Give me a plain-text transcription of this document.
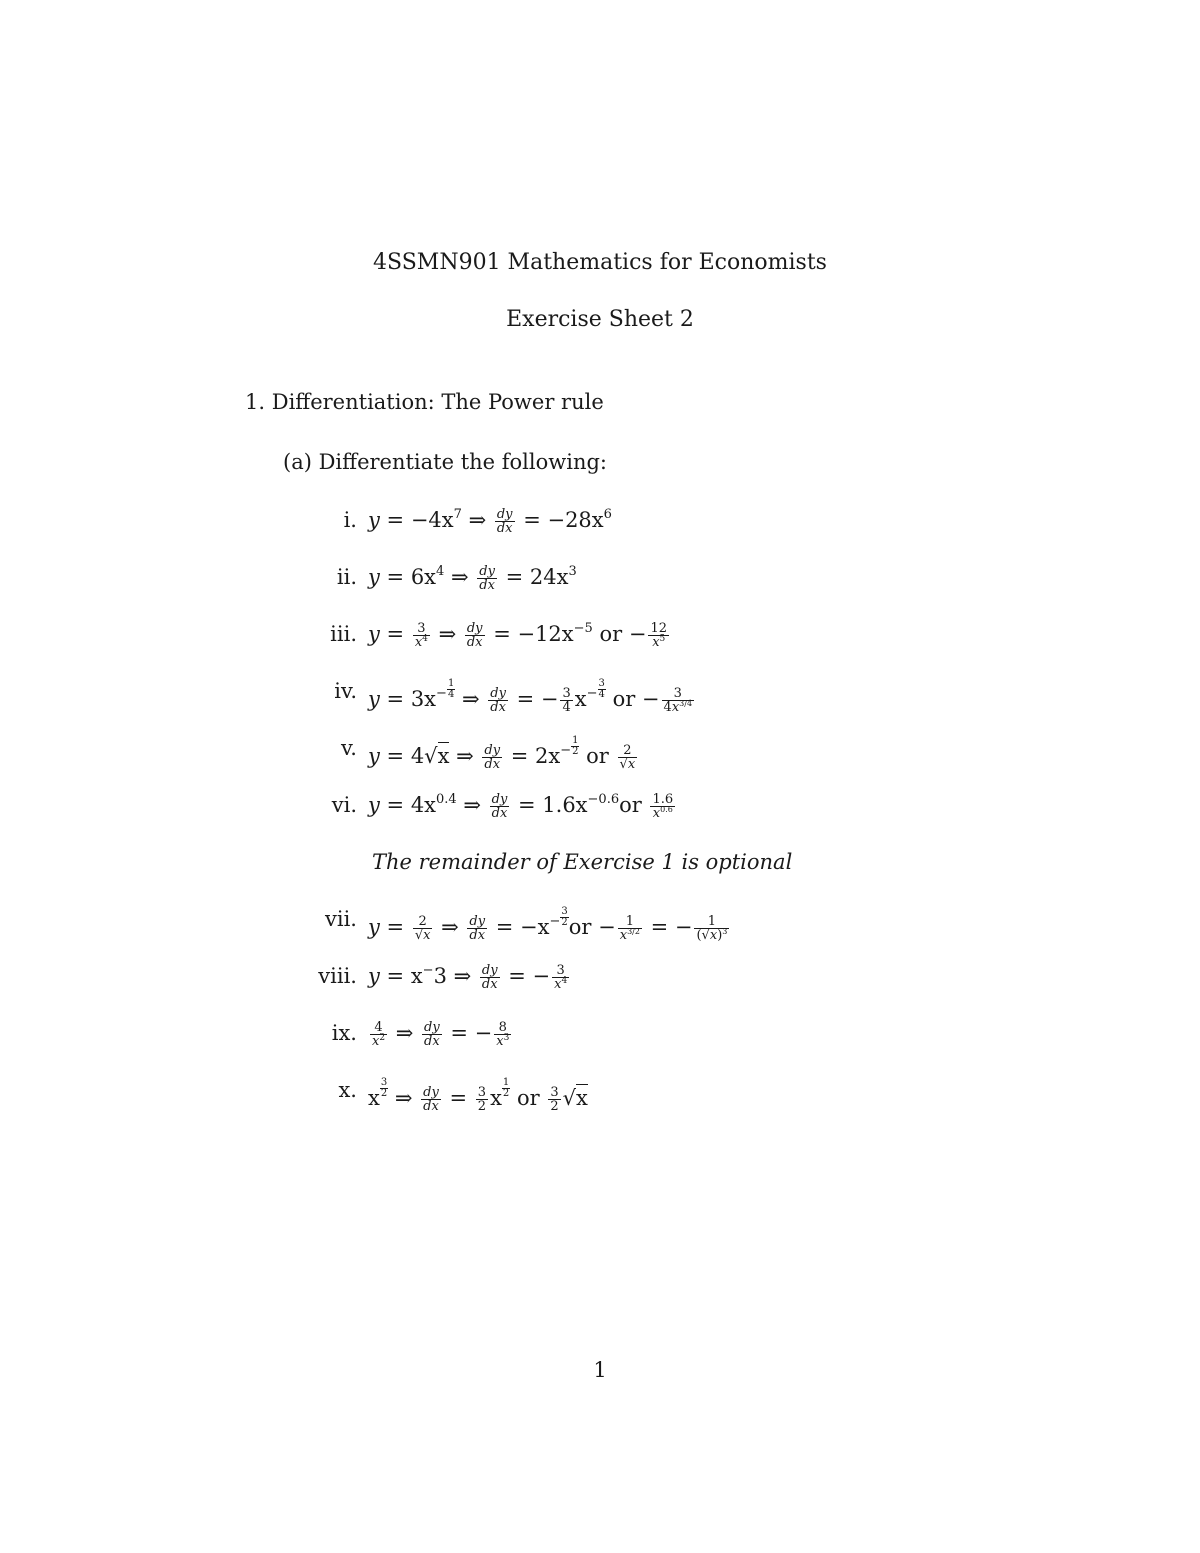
4SSMN901 Mathematics for Economists
Exercise Sheet 2
1. Differentiation: The Power rule
(a) Differentiate the following:
i.
ii.
iii.
iv.
v.
vi.
$y = -4x^7$ ⇒ $\frac{dy}{dx} = -28x^6$
$y = 6x^4$ ⇒ $\frac{dy}{dx} = 24x^3$
$y = \frac{3}{x^4}$ ⇒ $\frac{dy}{dx} = -12x^{-5}$ or − $\frac{12}{x^5}$
$y = 3x^- \frac{1}{4}$ ⇒ $\frac{dy}{dx}$ = − $\frac{3}{4} x^- \frac{3}{4}$ or − $\frac{3}{4x^{3/4}}$
y = 4√x ⇒ $\frac{dy}{dx} = 2x^- \frac{1}{2}$ or $\frac{2}{√x}$
$y = 4x^{0.4}$ ⇒ $\frac{dy}{dx} = 1.6x^{-0.6}or \frac{1.6}{x^{0.6}}$
The remainder of Exercise 1 is optional
vii.
viii.
ix.
x.
$y = \frac{2}{√x}$ ⇒ $\frac{dy}{dx} = -x^- \frac{3}{2}$ or − $\frac{1}{x^{3/2}}$ = − $\frac{1}{(√x)^3}$
y = x−3 ⇒ $\frac{dy}{dx}$ = − $\frac{3}{x^4}$
$\frac{4}{x^2}$ ⇒ $\frac{dy}{dx}$ = − $\frac{8}{x^3}$
x $\frac{3}{2}$ ⇒ $\frac{dy}{dx} = \frac{3}{2}$ x $\frac{1}{2}$ or $\frac{3}{2} √x$
1
